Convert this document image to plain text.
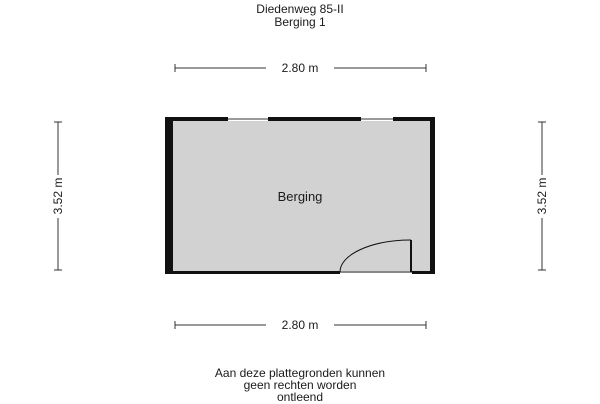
Diedenweg 85-II
Berging 1
2.80 m
2.80 m
3.52 m	3.52 m
Berging
Aan deze plattegronden kunnen
geen rechten worden
ontleend
